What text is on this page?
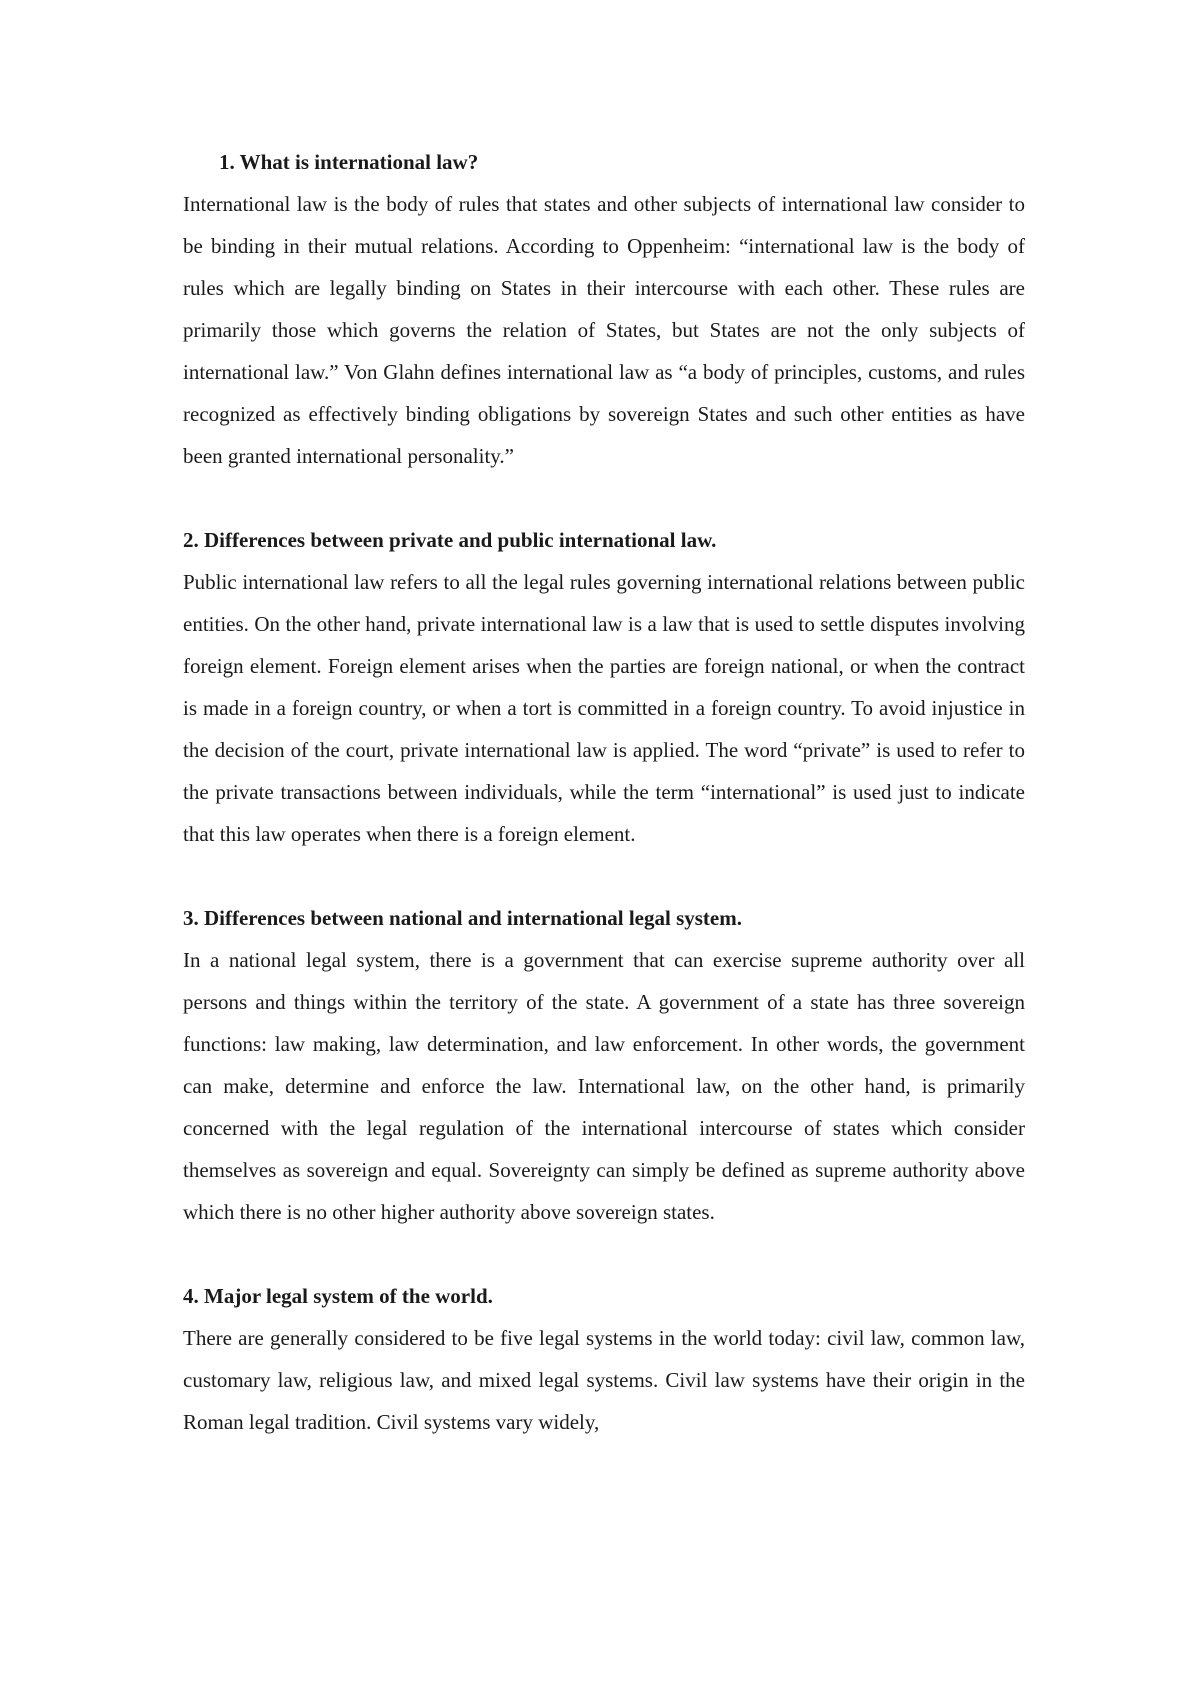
1. What is international law?

International law is the body of rules that states and other subjects of international law consider to be binding in their mutual relations. According to Oppenheim: “international law is the body of rules which are legally binding on States in their intercourse with each other. These rules are primarily those which governs the relation of States, but States are not the only subjects of international law.” Von Glahn defines international law as “a body of principles, customs, and rules recognized as effectively binding obligations by sovereign States and such other entities as have been granted international personality.”

2. Differences between private and public international law.

Public international law refers to all the legal rules governing international relations between public entities. On the other hand, private international law is a law that is used to settle disputes involving foreign element. Foreign element arises when the parties are foreign national, or when the contract is made in a foreign country, or when a tort is committed in a foreign country. To avoid injustice in the decision of the court, private international law is applied. The word “private” is used to refer to the private transactions between individuals, while the term “international” is used just to indicate that this law operates when there is a foreign element.

3. Differences between national and international legal system.

In a national legal system, there is a government that can exercise supreme authority over all persons and things within the territory of the state. A government of a state has three sovereign functions: law making, law determination, and law enforcement. In other words, the government can make, determine and enforce the law. International law, on the other hand, is primarily concerned with the legal regulation of the international intercourse of states which consider themselves as sovereign and equal. Sovereignty can simply be defined as supreme authority above which there is no other higher authority above sovereign states.

4. Major legal system of the world.

There are generally considered to be five legal systems in the world today: civil law, common law, customary law, religious law, and mixed legal systems. Civil law systems have their origin in the Roman legal tradition. Civil systems vary widely,
